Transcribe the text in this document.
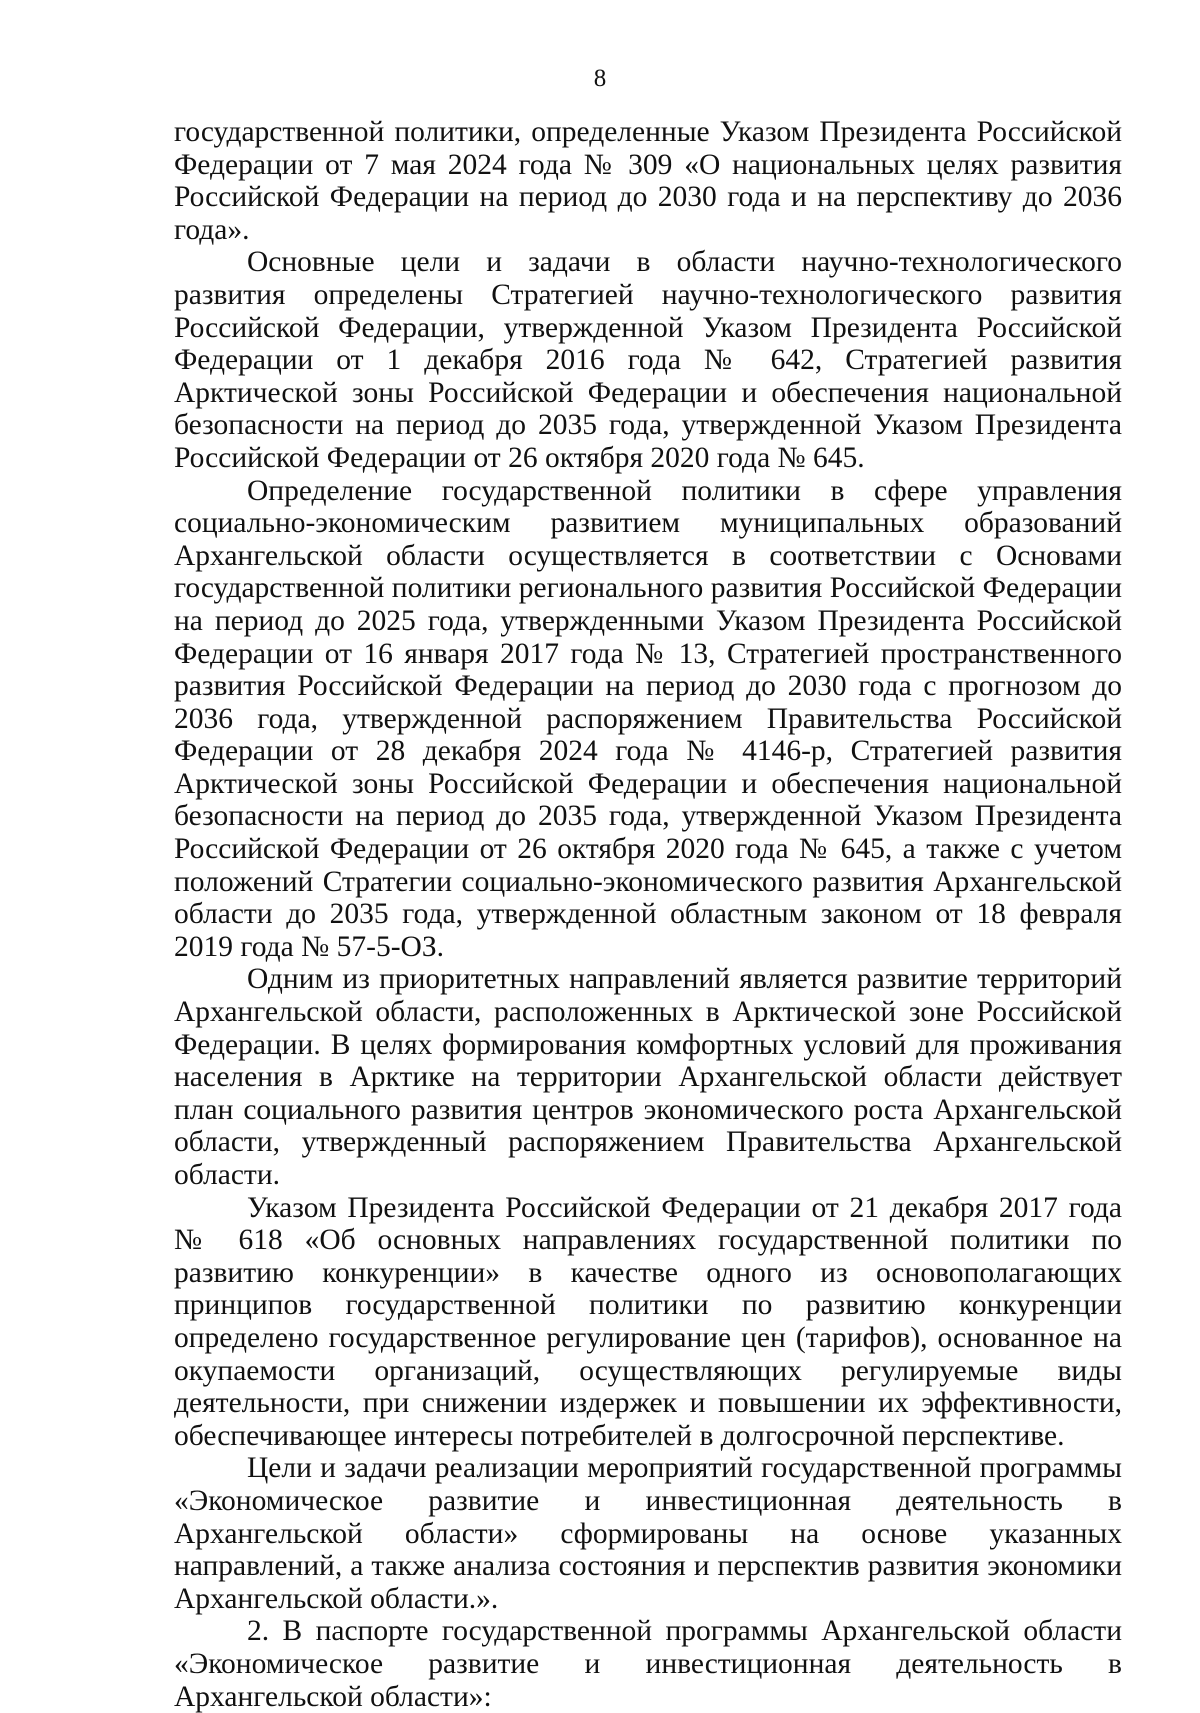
8

государственной политики, определенные Указом Президента Российской Федерации от 7 мая 2024 года № 309 «О национальных целях развития Российской Федерации на период до 2030 года и на перспективу до 2036 года».

Основные цели и задачи в области научно-технологического развития определены Стратегией научно-технологического развития Российской Федерации, утвержденной Указом Президента Российской Федерации от 1 декабря 2016 года № 642, Стратегией развития Арктической зоны Российской Федерации и обеспечения национальной безопасности на период до 2035 года, утвержденной Указом Президента Российской Федерации от 26 октября 2020 года № 645.

Определение государственной политики в сфере управления социально-экономическим развитием муниципальных образований Архангельской области осуществляется в соответствии с Основами государственной политики регионального развития Российской Федерации на период до 2025 года, утвержденными Указом Президента Российской Федерации от 16 января 2017 года № 13, Стратегией пространственного развития Российской Федерации на период до 2030 года с прогнозом до 2036 года, утвержденной распоряжением Правительства Российской Федерации от 28 декабря 2024 года № 4146-р, Стратегией развития Арктической зоны Российской Федерации и обеспечения национальной безопасности на период до 2035 года, утвержденной Указом Президента Российской Федерации от 26 октября 2020 года № 645, а также с учетом положений Стратегии социально-экономического развития Архангельской области до 2035 года, утвержденной областным законом от 18 февраля 2019 года № 57-5-ОЗ.

Одним из приоритетных направлений является развитие территорий Архангельской области, расположенных в Арктической зоне Российской Федерации. В целях формирования комфортных условий для проживания населения в Арктике на территории Архангельской области действует план социального развития центров экономического роста Архангельской области, утвержденный распоряжением Правительства Архангельской области.

Указом Президента Российской Федерации от 21 декабря 2017 года № 618 «Об основных направлениях государственной политики по развитию конкуренции» в качестве одного из основополагающих принципов государственной политики по развитию конкуренции определено государственное регулирование цен (тарифов), основанное на окупаемости организаций, осуществляющих регулируемые виды деятельности, при снижении издержек и повышении их эффективности, обеспечивающее интересы потребителей в долгосрочной перспективе.

Цели и задачи реализации мероприятий государственной программы «Экономическое развитие и инвестиционная деятельность в Архангельской области» сформированы на основе указанных направлений, а также анализа состояния и перспектив развития экономики Архангельской области.».

2. В паспорте государственной программы Архангельской области «Экономическое развитие и инвестиционная деятельность в Архангельской области»:
